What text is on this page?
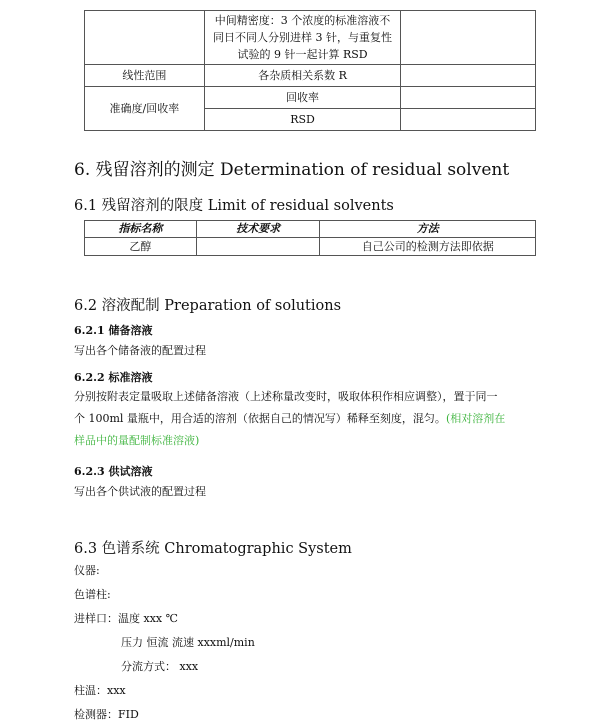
	中间精密度：3 个浓度的标准溶液不
同日不同人分别进样 3 针，与重复性
试验的 9 针一起计算 RSD	

线性范围	各杂质相关系数 R	
准确度/回收率	回收率	
	RSD	
6. 残留溶剂的测定 Determination of residual solvent
6.1 残留溶剂的限度 Limit of residual solvents
指标名称	技术要求	方法
乙醇		自己公司的检测方法即依据
6.2 溶液配制 Preparation of solutions
6.2.1 储备溶液
写出各个储备液的配置过程
6.2.2 标准溶液
分别按附表定量吸取上述储备溶液（上述称量改变时，吸取体积作相应调整），置于同一
个 100ml 量瓶中，用合适的溶剂（依据自己的情况写）稀释至刻度，混匀。(相对溶剂在
样品中的量配制标准溶液)
6.2.3 供试溶液
写出各个供试液的配置过程
6.3 色谱系统 Chromatographic System
仪器:
色谱柱:
进样口：温度 xxx ℃
压力 恒流 流速 xxxml/min
分流方式： xxx
柱温：xxx
检测器：FID
